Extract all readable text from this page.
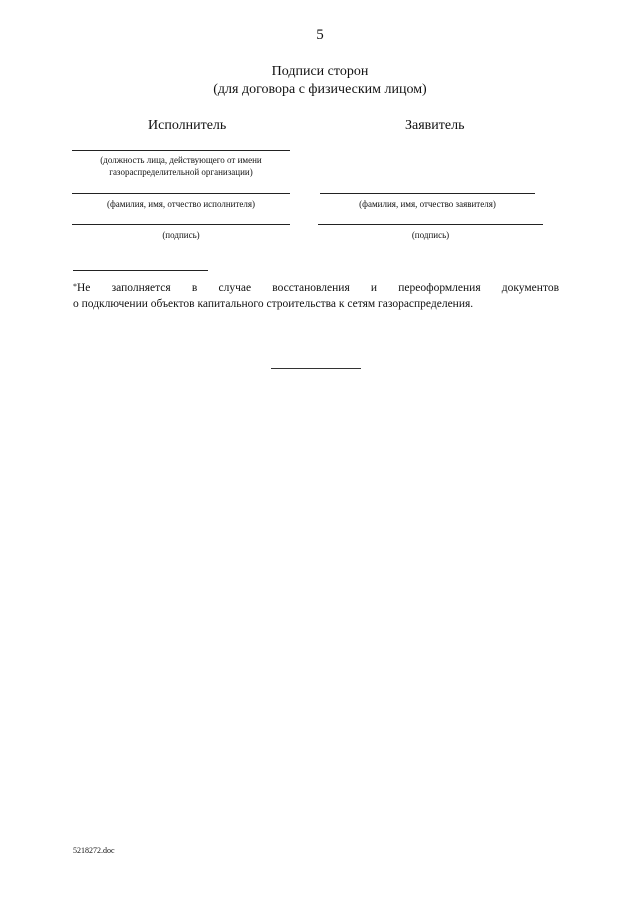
5
Подписи сторон
(для договора с физическим лицом)
Исполнитель
(должность лица, действующего от имени
газораспределительной организации)
(фамилия, имя, отчество исполнителя)
(подпись)
Заявитель
(фамилия, имя, отчество заявителя)
(подпись)
*Не заполняется в случае восстановления и переоформления документов
о подключении объектов капитального строительства к сетям газораспределения.
5218272.doc
